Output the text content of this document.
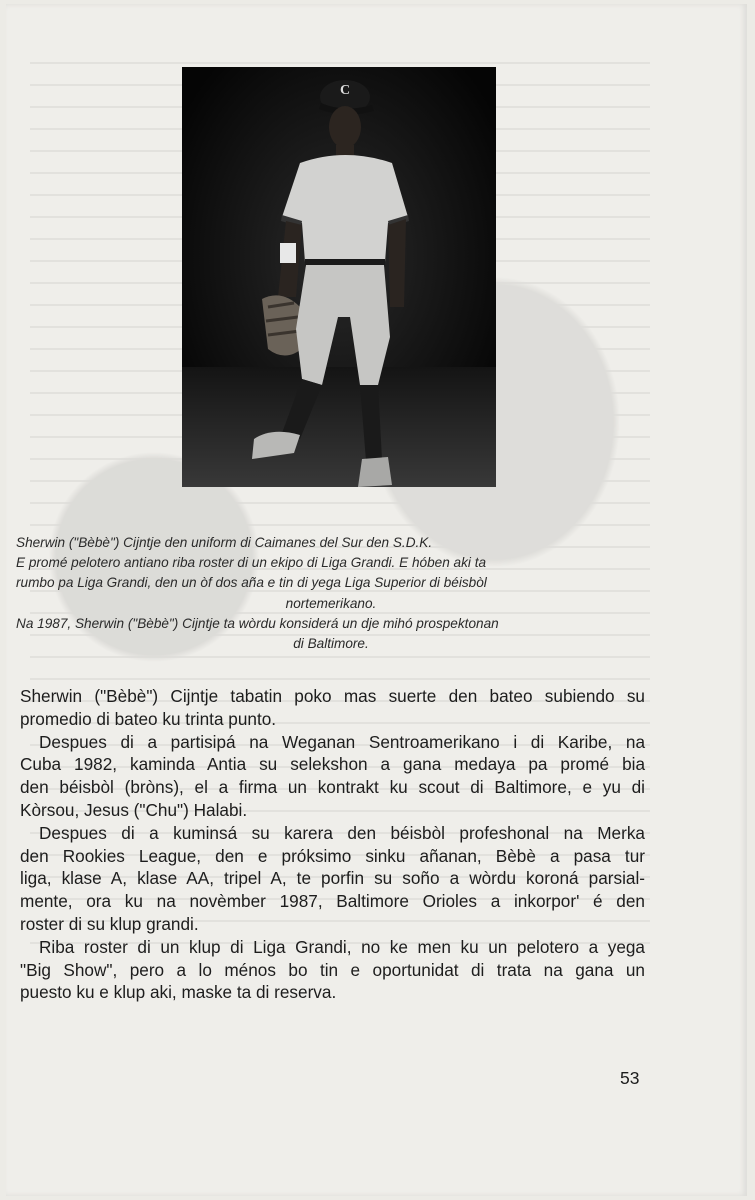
C
Sherwin ("Bèbè") Cijntje den uniform di Caimanes del Sur den S.D.K.
E promé pelotero antiano riba roster di un ekipo di Liga Grandi. E hóben aki ta
rumbo pa Liga Grandi, den un òf dos aña e tin di yega Liga Superior di béisbòl
nortemerikano.
Na 1987, Sherwin ("Bèbè") Cijntje ta wòrdu konsiderá un dje mihó prospektonan
di Baltimore.

Sherwin ("Bèbè") Cijntje tabatin poko mas suerte den bateo subiendo su
promedio di bateo ku trinta punto.

Despues di a partisipá na Weganan Sentroamerikano i di Karibe, na
Cuba 1982, kaminda Antia su selekshon a gana medaya pa promé bia
den béisbòl (bròns), el a firma un kontrakt ku scout di Baltimore, e yu di
Kòrsou, Jesus ("Chu") Halabi.

Despues di a kuminsá su karera den béisbòl profeshonal na Merka
den Rookies League, den e próksimo sinku añanan, Bèbè a pasa tur
liga, klase A, klase AA, tripel A, te porfin su soño a wòrdu koroná parsial-
mente, ora ku na novèmber 1987, Baltimore Orioles a inkorpor' é den
roster di su klup grandi.

Riba roster di un klup di Liga Grandi, no ke men ku un pelotero a yega
"Big Show", pero a lo ménos bo tin e oportunidat di trata na gana un
puesto ku e klup aki, maske ta di reserva.

53
